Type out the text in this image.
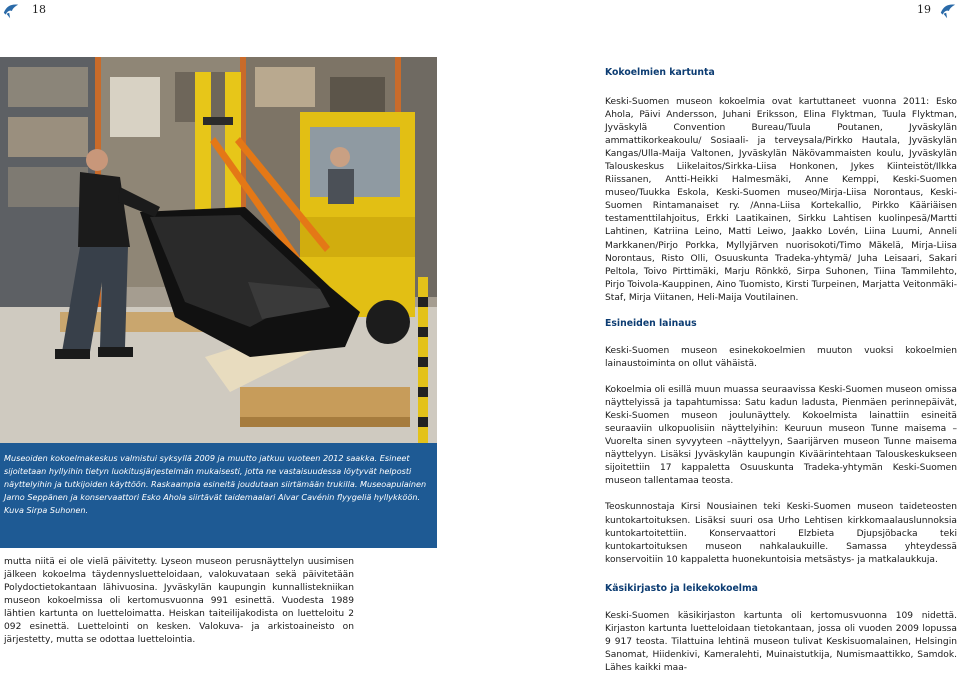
18	19
Museoiden kokoelmakeskus valmistui syksyllä 2009 ja muutto jatkuu vuoteen 2012 saakka. Esineet sijoitetaan hyllyihin tietyn luokitusjärjestelmän mukaisesti, jotta ne vastaisuudessa löytyvät helposti näyttelyihin ja tutkijoiden käyttöön. Raskaampia esineitä joudutaan siirtämään trukilla. Museoapulainen Jarno Seppänen ja konservaattori Esko Ahola siirtävät taidemaalari Alvar Cavénin flyygeliä hyllykköön. Kuva Sirpa Suhonen.

mutta niitä ei ole vielä päivitetty. Lyseon museon perusnäyttelyn uusimisen jälkeen kokoelma täydennysluetteloidaan, valokuvataan sekä päivitetään Polydoctietokantaan lähivuosina. Jyväskylän kaupungin kunnallistekniikan museon kokoelmissa oli kertomusvuonna 991 esinettä. Vuodesta 1989 lähtien kartunta on luetteloimatta. Heiskan taiteilijakodista on luetteloitu 2 092 esinettä. Luettelointi on kesken. Valokuva- ja arkistoaineisto on järjestetty, mutta se odottaa luettelointia.

Kokoelmien kartunta

Keski-Suomen museon kokoelmia ovat kartuttaneet vuonna 2011: Esko Ahola, Päivi Andersson, Juhani Eriksson, Elina Flyktman, Tuula Flyktman, Jyväskylä Convention Bureau/Tuula Poutanen, Jyväskylän ammattikorkeakoulu/ Sosiaali- ja terveysala/Pirkko Hautala, Jyväskylän Kangas/Ulla-Maija Valtonen, Jyväskylän Näkövammaisten koulu, Jyväskylän Talouskeskus Liikelaitos/Sirkka-Liisa Honkonen, Jykes Kiinteistöt/Ilkka Riissanen, Antti-Heikki Halmesmäki, Anne Kemppi, Keski-Suomen museo/Tuukka Eskola, Keski-Suomen museo/Mirja-Liisa Norontaus, Keski-Suomen Rintamanaiset ry. /Anna-Liisa Kortekallio, Pirkko Kääriäisen testamenttilahjoitus, Erkki Laatikainen, Sirkku Lahtisen kuolinpesä/Martti Lahtinen, Katriina Leino, Matti Leiwo, Jaakko Lovén, Liina Luumi, Anneli Markkanen/Pirjo Porkka, Myllyjärven nuorisokoti/Timo Mäkelä, Mirja-Liisa Norontaus, Risto Olli, Osuuskunta Tradeka-yhtymä/ Juha Leisaari, Sakari Peltola, Toivo Pirttimäki, Marju Rönkkö, Sirpa Suhonen, Tiina Tammilehto, Pirjo Toivola-Kauppinen, Aino Tuomisto, Kirsti Turpeinen, Marjatta Veitonmäki-Staf, Mirja Viitanen, Heli-Maija Voutilainen.

Esineiden lainaus

Keski-Suomen museon esinekokoelmien muuton vuoksi kokoelmien lainaustoiminta on ollut vähäistä.

Kokoelmia oli esillä muun muassa seuraavissa Keski-Suomen museon omissa näyttelyissä ja tapahtumissa: Satu kadun ladusta, Pienmäen perinnepäivät, Keski-Suomen museon joulunäyttely. Kokoelmista lainattiin esineitä seuraaviin ulkopuolisiin näyttelyihin: Keuruun museon Tunne maisema – Vuorelta sinen syvyyteen –näyttelyyn, Saarijärven museon Tunne maisema näyttelyyn. Lisäksi Jyväskylän kaupungin Kiväärintehtaan Talouskeskukseen sijoitettiin 17 kappaletta Osuuskunta Tradeka-yhtymän Keski-Suomen museon tallentamaa teosta.

Teoskunnostaja Kirsi Nousiainen teki Keski-Suomen museon taideteosten kuntokartoituksen. Lisäksi suuri osa Urho Lehtisen kirkkomaalauslunnoksia kuntokartoitettiin. Konservaattori Elzbieta Djupsjöbacka teki kuntokartoituksen museon nahkalaukuille. Samassa yhteydessä konservoitiin 10 kappaletta huonekuntoisia metsästys- ja matkalaukkuja.

Käsikirjasto ja leikekokoelma

Keski-Suomen käsikirjaston kartunta oli kertomusvuonna 109 nidettä. Kirjaston kartunta luetteloidaan tietokantaan, jossa oli vuoden 2009 lopussa 9 917 teosta. Tilattuina lehtinä museon tulivat Keskisuomalainen, Helsingin Sanomat, Hiidenkivi, Kameralehti, Muinaistutkija, Numismaattikko, Samdok. Lähes kaikki maa-
